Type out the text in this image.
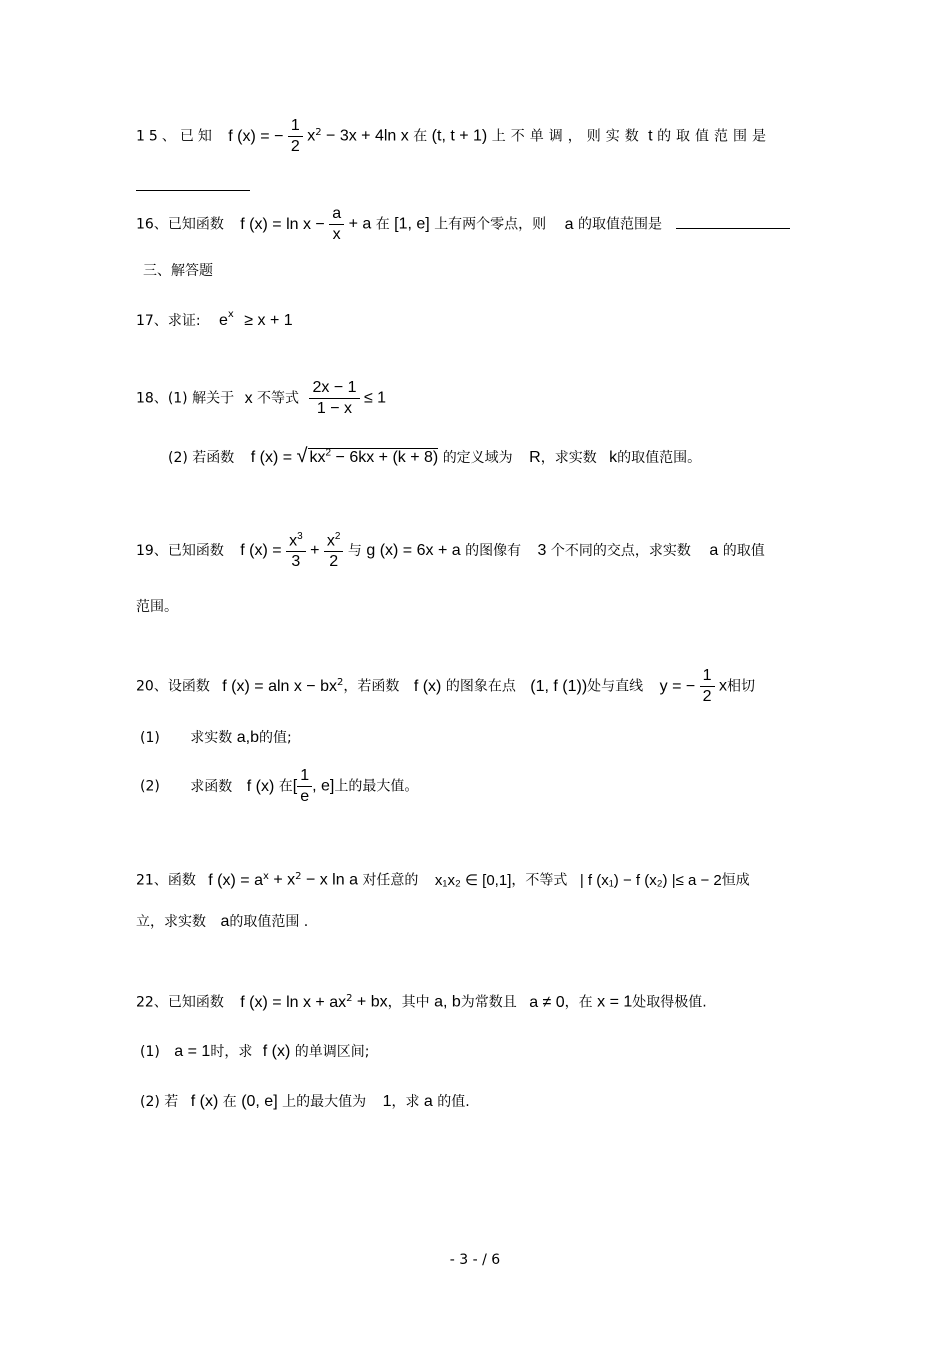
15、已知 f (x) = − $\frac{1}{2} x^2 - 3x + 4\ln$ x 在 (t, t + 1) 上不单调，则实数 t 的取值范围是
16、已知函数 f $(x) = \ln x - \frac{a}{x} + a$ 在 [1, e] 上有两个零点，则 a 的取值范围是
三、解答题
17、求证: $e^x \ge x + 1$
18、(1) 解关于 x 不等式 $\frac{2x - 1}{1 - x} \le 1$
(2) 若函数 f (x) = √ $kx^2 - 6kx + (k + 8)$ 的定义域为 R，求实数 k的取值范围。
19、已知函数 f $(x) = \frac{x^3}{3} + \frac{x^2}{2}$ 与 g (x) = 6x + a 的图像有 3 个不同的交点，求实数 a 的取值
范围。
20、设函数 f (x) = aln $x - bx^2$，若函数 f (x) 的图象在点 (1, f (1))处与直线 y = − $\frac{1}{2}$ x相切
(1) 求实数 a,b的值;
(2) 求函数 f (x) 在[ $\frac{1}{e}$ , e]上的最大值。
21、函数 f $(x) = a^x + x^2 - x$ ln a 对任意的 x₁x₂ ∈ [0,1]，不等式 | f (x₁) − f (x₂) |≤ a − 2恒成
立，求实数 a的取值范围 .
22、已知函数 f $(x) = \ln x + ax^2$ + bx，其中 a, b为常数且 a ≠ 0，在 x = 1处取得极值.
(1) a = 1时，求 f (x) 的单调区间;
(2) 若 f (x) 在 (0, e] 上的最大值为 1，求 a 的值.
- 3 - / 6
